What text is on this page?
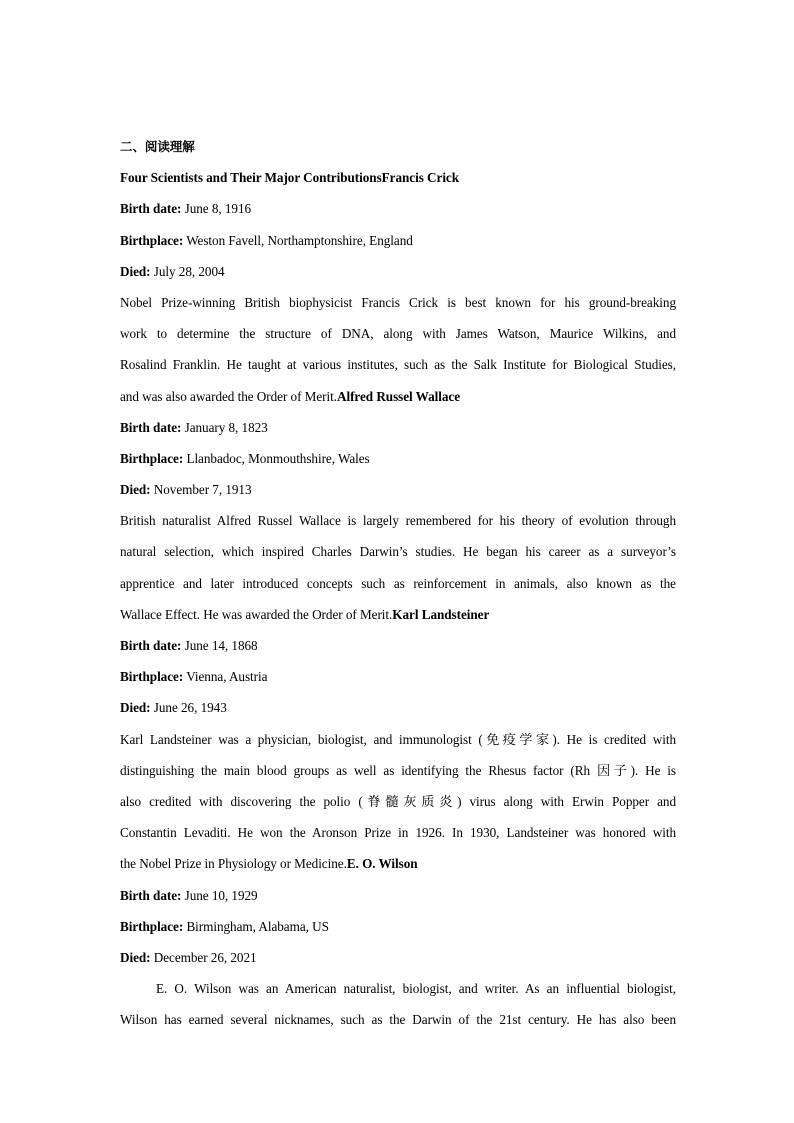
二、阅读理解
Four Scientists and Their Major ContributionsFrancis Crick
Birth date: June 8, 1916
Birthplace: Weston Favell, Northamptonshire, England
Died: July 28, 2004
Nobel Prize-winning British biophysicist Francis Crick is best known for his ground-breaking
work to determine the structure of DNA, along with James Watson, Maurice Wilkins, and
Rosalind Franklin. He taught at various institutes, such as the Salk Institute for Biological Studies,
and was also awarded the Order of Merit.Alfred Russel Wallace
Birth date: January 8, 1823
Birthplace: Llanbadoc, Monmouthshire, Wales
Died: November 7, 1913
British naturalist Alfred Russel Wallace is largely remembered for his theory of evolution through
natural selection, which inspired Charles Darwin’s studies. He began his career as a surveyor’s
apprentice and later introduced concepts such as reinforcement in animals, also known as the
Wallace Effect. He was awarded the Order of Merit.Karl Landsteiner
Birth date: June 14, 1868
Birthplace: Vienna, Austria
Died: June 26, 1943
Karl Landsteiner was a physician, biologist, and immunologist (免疫学家). He is credited with
distinguishing the main blood groups as well as identifying the Rhesus factor (Rh 因子). He is
also credited with discovering the polio (脊髓灰质炎) virus along with Erwin Popper and
Constantin Levaditi. He won the Aronson Prize in 1926. In 1930, Landsteiner was honored with
the Nobel Prize in Physiology or Medicine.E. O. Wilson
Birth date: June 10, 1929
Birthplace: Birmingham, Alabama, US
Died: December 26, 2021
E. O. Wilson was an American naturalist, biologist, and writer. As an influential biologist,
Wilson has earned several nicknames, such as the Darwin of the 21st century. He has also been
